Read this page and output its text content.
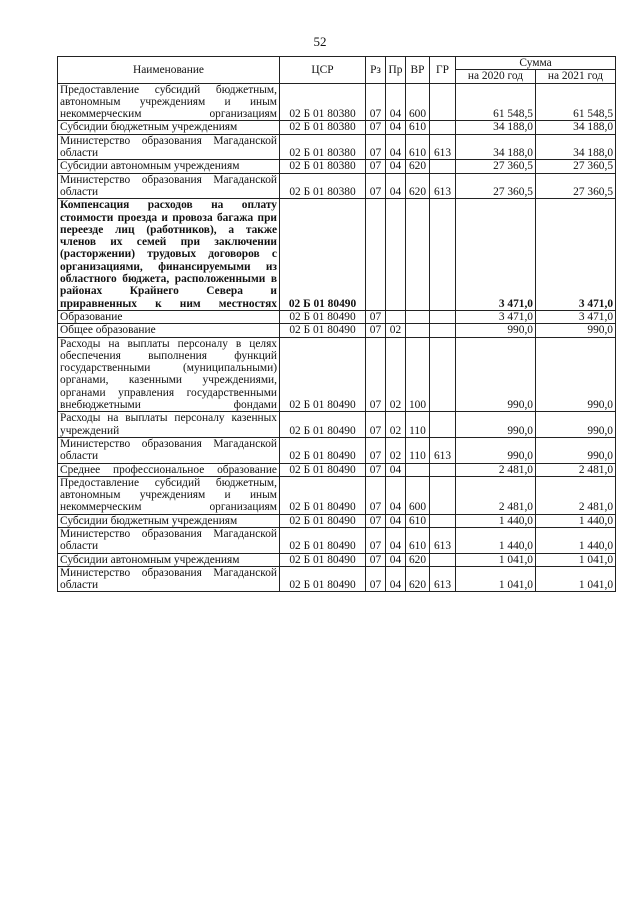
52
Наименование	ЦСР	Рз	Пр	ВР	ГР	Сумма	
						на 2020 год	на 2021 год
Предоставление субсидий бюджетным, автономным учреждениям и иным некоммерческим организациям	02 Б 01 80380	07	04	600		61 548,5	61 548,5
Субсидии бюджетным учреждениям	02 Б 01 80380	07	04	610		34 188,0	34 188,0
Министерство образования Магаданской области	02 Б 01 80380	07	04	610	613	34 188,0	34 188,0
Субсидии автономным учреждениям	02 Б 01 80380	07	04	620		27 360,5	27 360,5
Министерство образования Магаданской области	02 Б 01 80380	07	04	620	613	27 360,5	27 360,5
Компенсация расходов на оплату стоимости проезда и провоза багажа при переезде лиц (работников), а также членов их семей при заключении (расторжении) трудовых договоров с организациями, финансируемыми из областного бюджета, расположенными в районах Крайнего Севера и приравненных к ним местностях	02 Б 01 80490					3 471,0	3 471,0
Образование	02 Б 01 80490	07				3 471,0	3 471,0
Общее образование	02 Б 01 80490	07	02			990,0	990,0
Расходы на выплаты персоналу в целях обеспечения выполнения функций государственными (муниципальными) органами, казенными учреждениями, органами управления государственными внебюджетными фондами	02 Б 01 80490	07	02	100		990,0	990,0
Расходы на выплаты персоналу казенных учреждений	02 Б 01 80490	07	02	110		990,0	990,0
Министерство образования Магаданской области	02 Б 01 80490	07	02	110	613	990,0	990,0
Среднее профессиональное образование	02 Б 01 80490	07	04			2 481,0	2 481,0
Предоставление субсидий бюджетным, автономным учреждениям и иным некоммерческим организациям	02 Б 01 80490	07	04	600		2 481,0	2 481,0
Субсидии бюджетным учреждениям	02 Б 01 80490	07	04	610		1 440,0	1 440,0
Министерство образования Магаданской области	02 Б 01 80490	07	04	610	613	1 440,0	1 440,0
Субсидии автономным учреждениям	02 Б 01 80490	07	04	620		1 041,0	1 041,0
Министерство образования Магаданской области	02 Б 01 80490	07	04	620	613	1 041,0	1 041,0
